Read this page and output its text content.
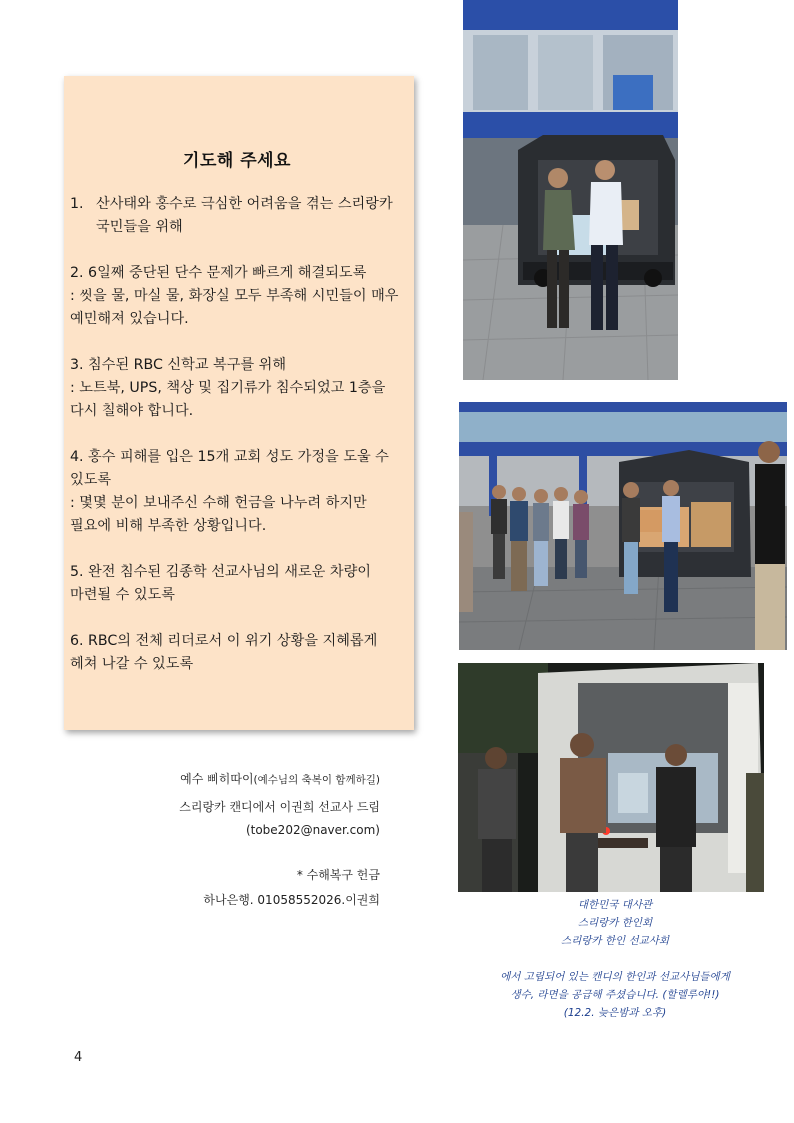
기도해 주세요
1. 산사태와 홍수로 극심한 어려움을 겪는 스리랑카 국민들을 위해
2. 6일째 중단된 단수 문제가 빠르게 해결되도록
: 씻을 물, 마실 물, 화장실 모두 부족해 시민들이 매우 예민해져 있습니다.
3. 침수된 RBC 신학교 복구를 위해
: 노트북, UPS, 책상 및 집기류가 침수되었고 1층을 다시 칠해야 합니다.
4. 홍수 피해를 입은 15개 교회 성도 가정을 도울 수 있도록
: 몇몇 분이 보내주신 수해 헌금을 나누려 하지만 필요에 비해 부족한 상황입니다.
5. 완전 침수된 김종학 선교사님의 새로운 차량이 마련될 수 있도록
6. RBC의 전체 리더로서 이 위기 상황을 지혜롭게 헤쳐 나갈 수 있도록
예수 삐히따이(예수님의 축복이 함께하길)
스리랑카 캔디에서 이권희 선교사 드림
(tobe202@naver.com)
* 수해복구 헌금
하나은행. 01058552026.이권희	대한민국 대사관
스리랑카 한인회
스리랑카 한인 선교사회
에서 고립되어 있는 캔디의 한인과 선교사님들에게
생수, 라면을 공급해 주셨습니다. (할렐루야!!)
(12.2. 늦은밤과 오후)
4
